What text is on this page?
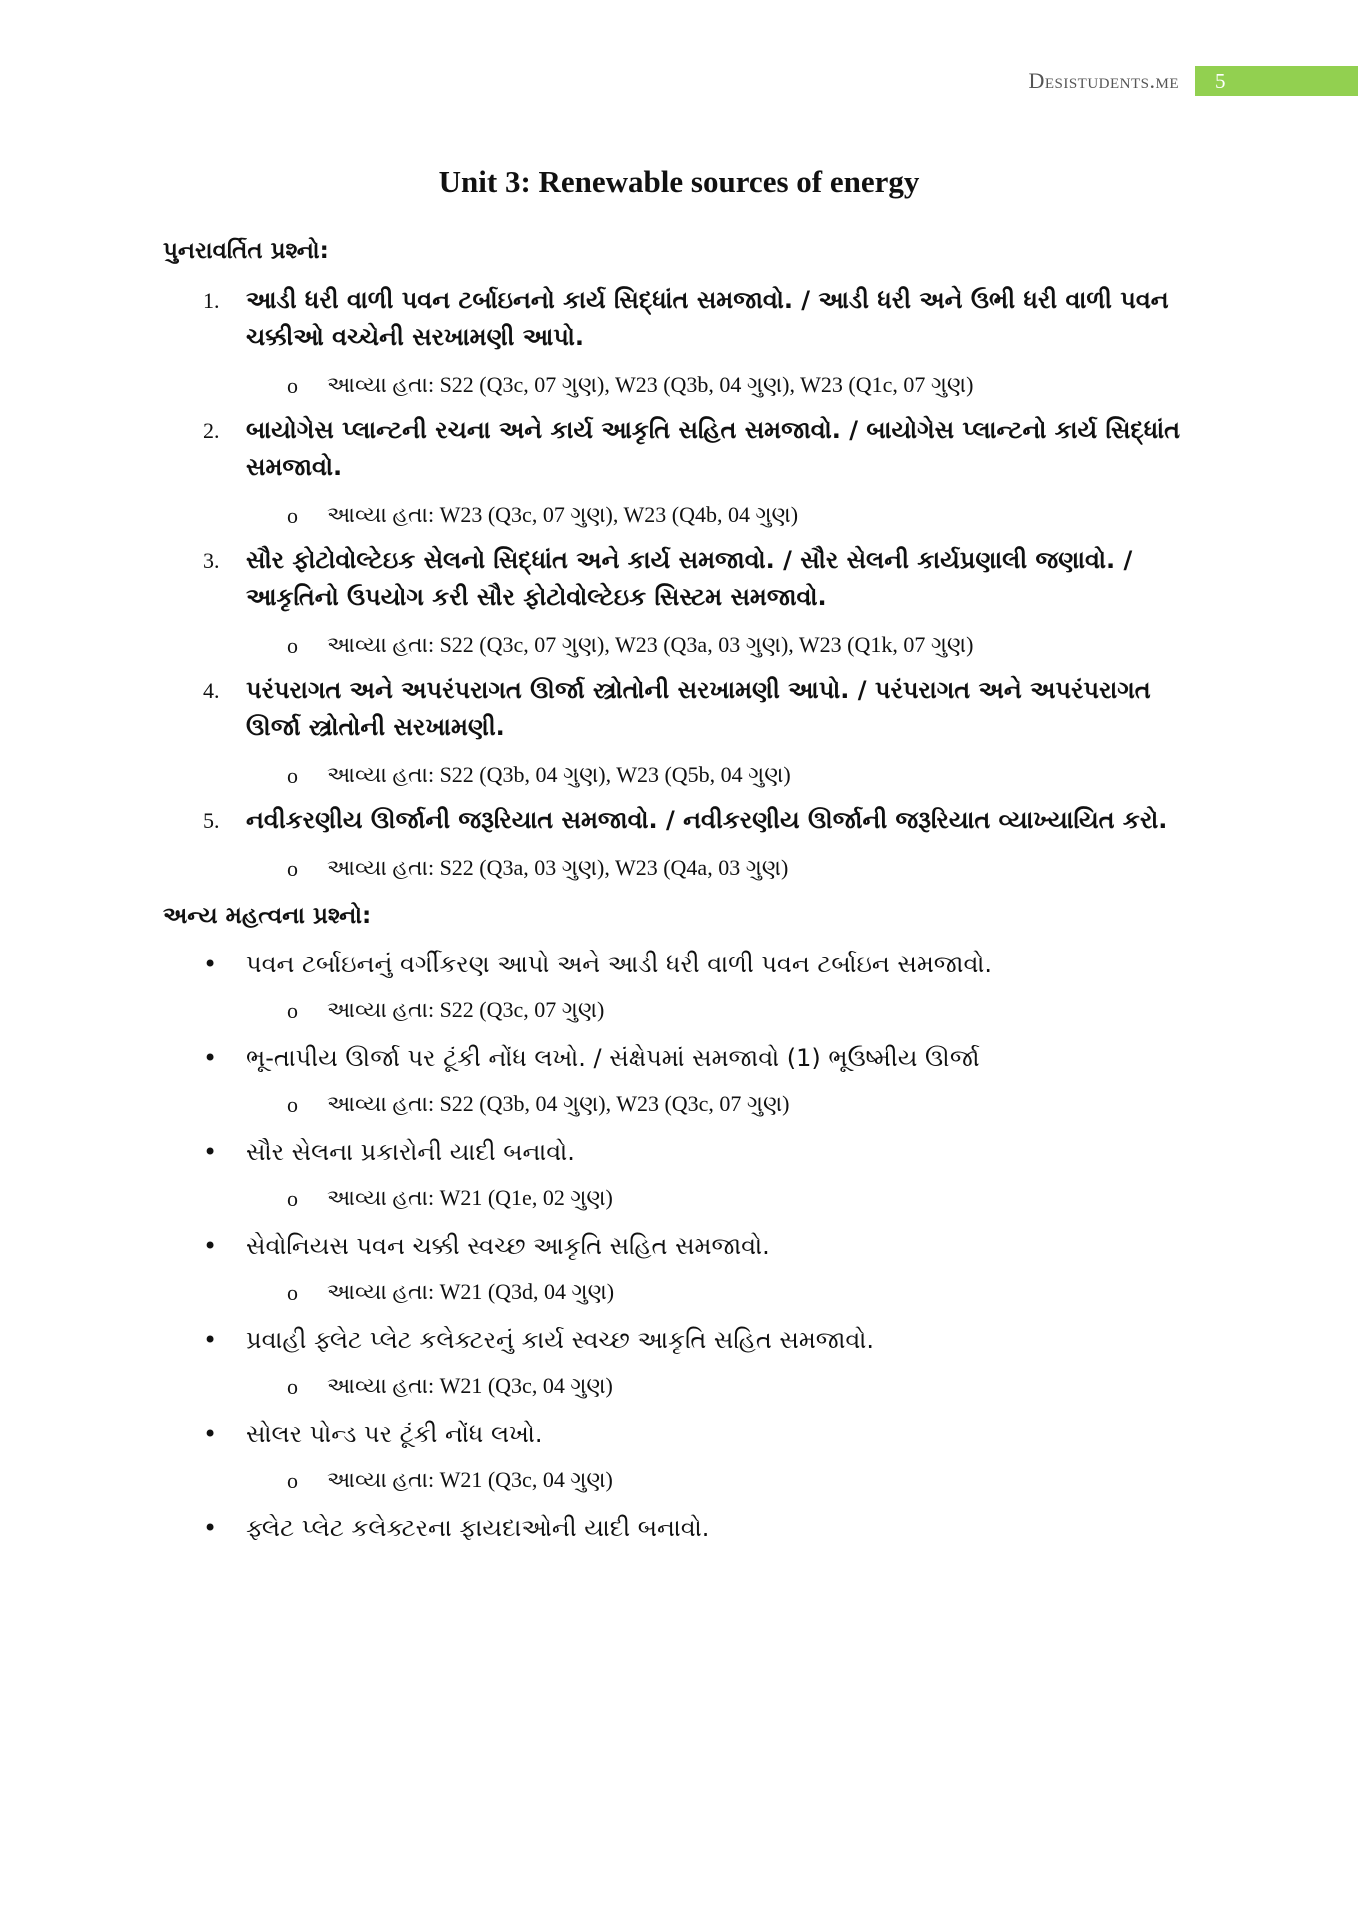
Desistudents.me	5
Unit 3: Renewable sources of energy
પુનરાવર્તિત પ્રશ્નો:
1. આડી ધરી વાળી પવન ટર્બાઇનનો કાર્ય સિદ્ધાંત સમજાવો. / આડી ધરી અને ઉભી ધરી વાળી પવન ચક્કીઓ વચ્ચેની સરખામણી આપો.
o આવ્યા હતા: S22 (Q3c, 07 ગુણ), W23 (Q3b, 04 ગુણ), W23 (Q1c, 07 ગુણ)
2. બાયોગેસ પ્લાન્ટની રચના અને કાર્ય આકૃતિ સહિત સમજાવો. / બાયોગેસ પ્લાન્ટનો કાર્ય સિદ્ધાંત સમજાવો.
o આવ્યા હતા: W23 (Q3c, 07 ગુણ), W23 (Q4b, 04 ગુણ)
3. સૌર ફોટોવોલ્ટેઇક સેલનો સિદ્ધાંત અને કાર્ય સમજાવો. / સૌર સેલની કાર્યપ્રણાલી જણાવો. / આકૃતિનો ઉપયોગ કરી સૌર ફોટોવોલ્ટેઇક સિસ્ટમ સમજાવો.
o આવ્યા હતા: S22 (Q3c, 07 ગુણ), W23 (Q3a, 03 ગુણ), W23 (Q1k, 07 ગુણ)
4. પરંપરાગત અને અપરંપરાગત ઊર્જા સ્ત્રોતોની સરખામણી આપો. / પરંપરાગત અને અપરંપરાગત ઊર્જા સ્ત્રોતોની સરખામણી.
o આવ્યા હતા: S22 (Q3b, 04 ગુણ), W23 (Q5b, 04 ગુણ)
5. નવીકરણીય ઊર્જાની જરૂરિયાત સમજાવો. / નવીકરણીય ઊર્જાની જરૂરિયાત વ્યાખ્યાયિત કરો.
o આવ્યા હતા: S22 (Q3a, 03 ગુણ), W23 (Q4a, 03 ગુણ)
અન્ય મહત્વના પ્રશ્નો:
• પવન ટર્બાઇનનું વર્ગીકરણ આપો અને આડી ધરી વાળી પવન ટર્બાઇન સમજાવો.
o આવ્યા હતા: S22 (Q3c, 07 ગુણ)
• ભૂ-તાપીય ઊર્જા પર ટૂંકી નોંધ લખો. / સંક્ષેપમાં સમજાવો (1) ભૂઉષ્મીય ઊર્જા
o આવ્યા હતા: S22 (Q3b, 04 ગુણ), W23 (Q3c, 07 ગુણ)
• સૌર સેલના પ્રકારોની યાદી બનાવો.
o આવ્યા હતા: W21 (Q1e, 02 ગુણ)
• સેવોનિયસ પવન ચક્કી સ્વચ્છ આકૃતિ સહિત સમજાવો.
o આવ્યા હતા: W21 (Q3d, 04 ગુણ)
• પ્રવાહી ફ્લેટ પ્લેટ કલેક્ટરનું કાર્ય સ્વચ્છ આકૃતિ સહિત સમજાવો.
o આવ્યા હતા: W21 (Q3c, 04 ગુણ)
• સોલર પોન્ડ પર ટૂંકી નોંધ લખો.
o આવ્યા હતા: W21 (Q3c, 04 ગુણ)
• ફ્લેટ પ્લેટ કલેક્ટરના ફાયદાઓની યાદી બનાવો.
